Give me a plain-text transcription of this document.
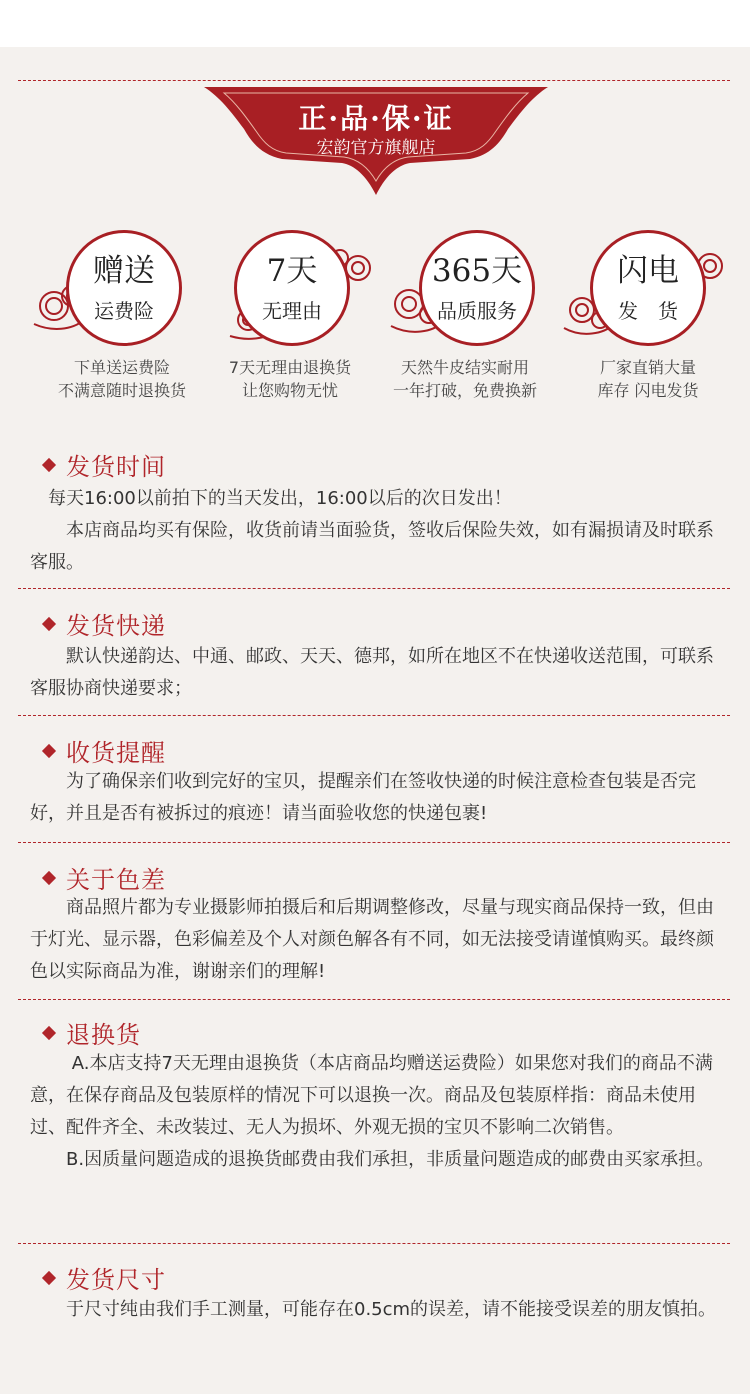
正·品·保·证
宏韵官方旗舰店
赠送
运费险
下单送运费险
不满意随时退换货
7天
无理由
7天无理由退换货
让您购物无忧
365天
品质服务
天然牛皮结实耐用
一年打破，免费换新
闪电
发　货
厂家直销大量
库存 闪电发货
发货时间

　每天16:00以前拍下的当天发出，16:00以后的次日发出！

　　本店商品均买有保险，收货前请当面验货，签收后保险失效，如有漏损请及时联系客服。

发货快递

　　默认快递韵达、中通、邮政、天天、德邦，如所在地区不在快递收送范围，可联系客服协商快递要求；

收货提醒

　　为了确保亲们收到完好的宝贝，提醒亲们在签收快递的时候注意检查包装是否完好，并且是否有被拆过的痕迹！请当面验收您的快递包裹!

关于色差

　　商品照片都为专业摄影师拍摄后和后期调整修改，尽量与现实商品保持一致，但由于灯光、显示器，色彩偏差及个人对颜色解各有不同，如无法接受请谨慎购买。最终颜色以实际商品为准，谢谢亲们的理解!

退换货

　　 A.本店支持7天无理由退换货（本店商品均赠送运费险）如果您对我们的商品不满意，在保存商品及包装原样的情况下可以退换一次。商品及包装原样指：商品未使用过、配件齐全、未改装过、无人为损坏、外观无损的宝贝不影响二次销售。

　　B.因质量问题造成的退换货邮费由我们承担，非质量问题造成的邮费由买家承担。

发货尺寸

　　于尺寸纯由我们手工测量，可能存在0.5cm的误差，请不能接受误差的朋友慎拍。
